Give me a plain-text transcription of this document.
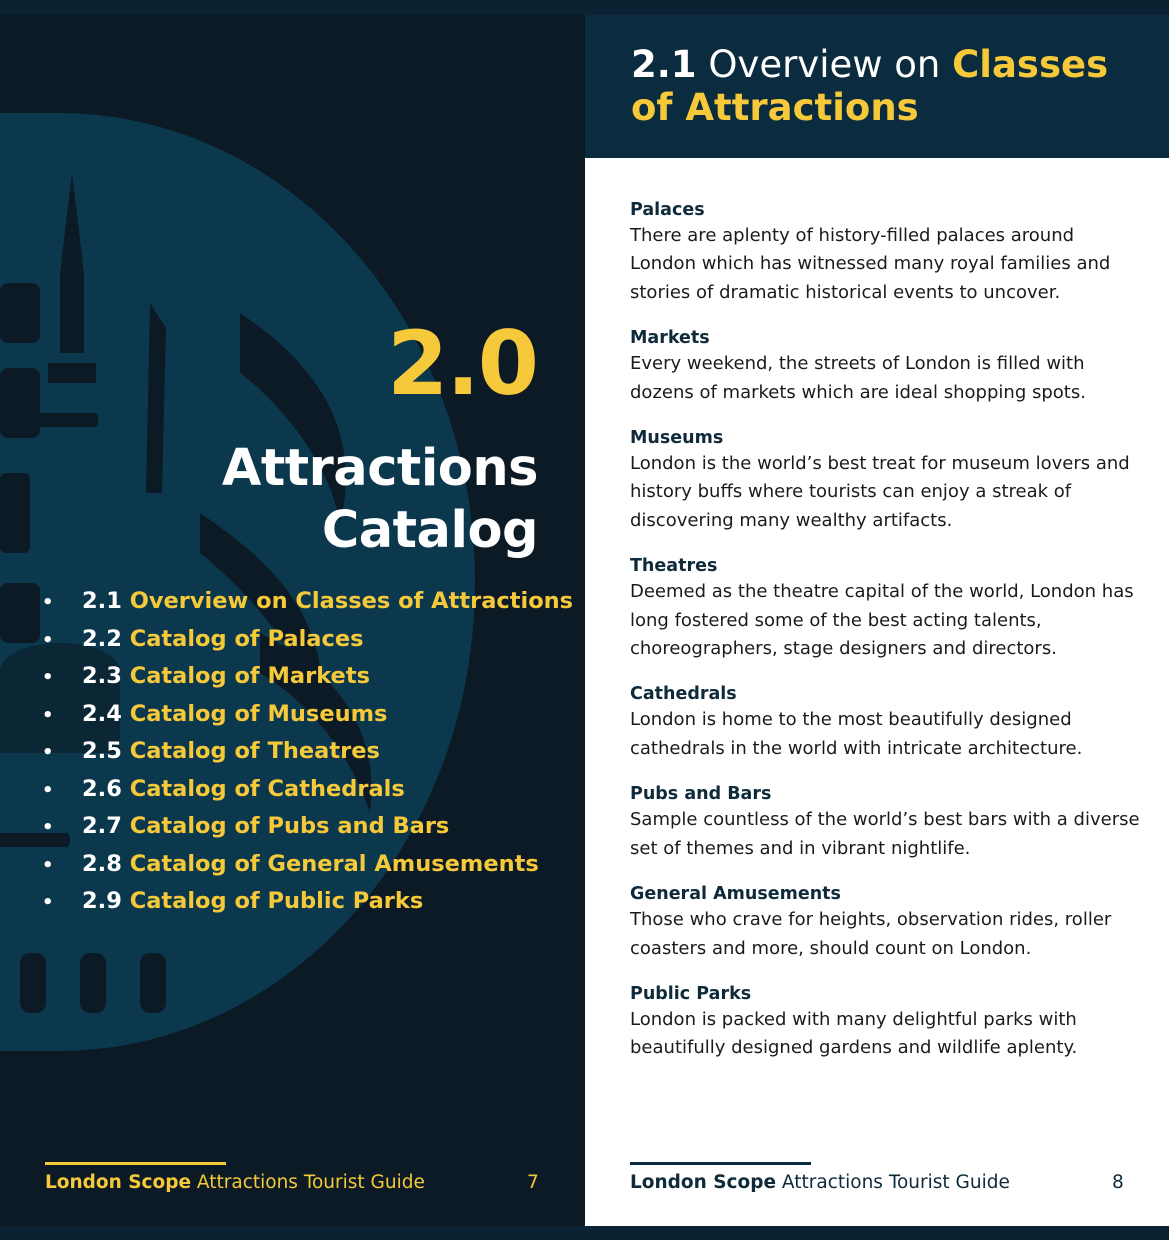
2.0
Attractions
Catalog
• 2.1 Overview on Classes of Attractions
• 2.2 Catalog of Palaces
• 2.3 Catalog of Markets
• 2.4 Catalog of Museums
• 2.5 Catalog of Theatres
• 2.6 Catalog of Cathedrals
• 2.7 Catalog of Pubs and Bars
• 2.8 Catalog of General Amusements
• 2.9 Catalog of Public Parks
London Scope Attractions Tourist Guide	7
2.1 Overview on Classes of Attractions
Palaces
There are aplenty of history-filled palaces around London which has witnessed many royal families and stories of dramatic historical events to uncover.
Markets
Every weekend, the streets of London is filled with dozens of markets which are ideal shopping spots.
Museums
London is the world’s best treat for museum lovers and history buffs where tourists can enjoy a streak of discovering many wealthy artifacts.
Theatres
Deemed as the theatre capital of the world, London has long fostered some of the best acting talents, choreographers, stage designers and directors.
Cathedrals
London is home to the most beautifully designed cathedrals in the world with intricate architecture.
Pubs and Bars
Sample countless of the world’s best bars with a diverse set of themes and in vibrant nightlife.
General Amusements
Those who crave for heights, observation rides, roller coasters and more, should count on London.
Public Parks
London is packed with many delightful parks with beautifully designed gardens and wildlife aplenty.
London Scope Attractions Tourist Guide	8
